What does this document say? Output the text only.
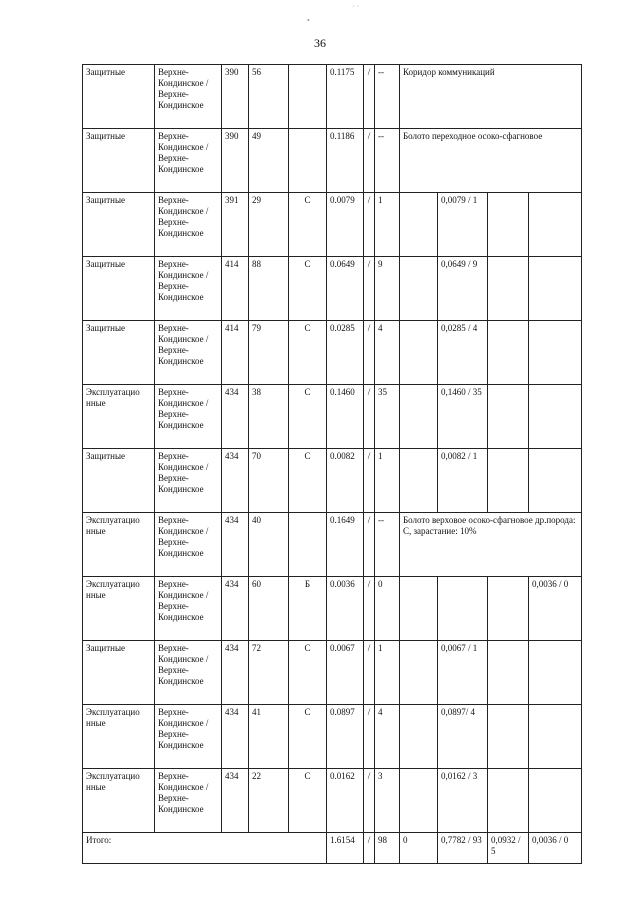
36
•
· ·
Защитные	Верхне-Кондинское / Верхне-Кондинское	390	56		0.1175	/	--	Коридор коммуникаций			
Защитные	Верхне-Кондинское / Верхне-Кондинское	390	49		0.1186	/	--	Болото переходное осоко-сфагновое			
Защитные	Верхне-Кондинское / Верхне-Кондинское	391	29	С	0.0079	/	1		0,0079 / 1		
Защитные	Верхне-Кондинское / Верхне-Кондинское	414	88	С	0.0649	/	9		0,0649 / 9		
Защитные	Верхне-Кондинское / Верхне-Кондинское	414	79	С	0.0285	/	4		0,0285 / 4		
Эксплуатацио нные	Верхне-Кондинское / Верхне-Кондинское	434	38	С	0.1460	/	35		0,1460 / 35		
Защитные	Верхне-Кондинское / Верхне-Кондинское	434	70	С	0.0082	/	1		0,0082 / 1		
Эксплуатацио нные	Верхне-Кондинское / Верхне-Кондинское	434	40		0.1649	/	--	Болото верховое осоко-сфагновое др.порода: С, зарастание: 10%			
Эксплуатацио нные	Верхне-Кондинское / Верхне-Кондинское	434	60	Б	0.0036	/	0				0,0036 / 0
Защитные	Верхне-Кондинское / Верхне-Кондинское	434	72	С	0.0067	/	1		0,0067 / 1		
Эксплуатацио нные	Верхне-Кондинское / Верхне-Кондинское	434	41	С	0.0897	/	4		0,0897/ 4		
Эксплуатацио нные	Верхне-Кондинское / Верхне-Кондинское	434	22	С	0.0162	/	3		0,0162 / 3		
Итого:					1.6154	/	98	0	0,7782 / 93	0,0932 / 5	0,0036 / 0
